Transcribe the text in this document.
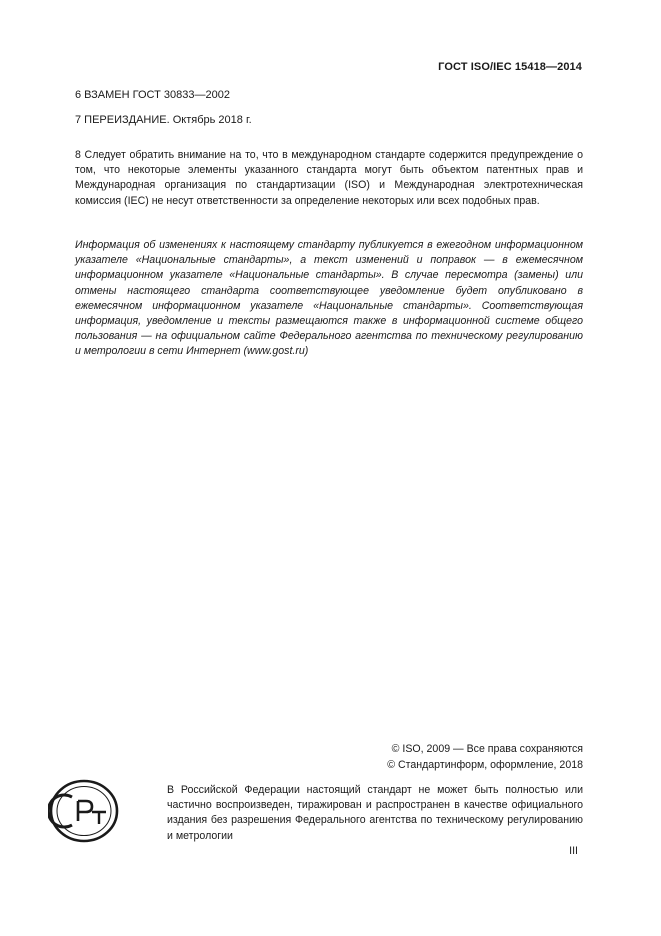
ГОСТ ISO/IEC 15418—2014
6 ВЗАМЕН ГОСТ 30833—2002
7 ПЕРЕИЗДАНИЕ. Октябрь 2018 г.
8 Следует обратить внимание на то, что в международном стандарте содержится предупреждение о том, что некоторые элементы указанного стандарта могут быть объектом патентных прав и Международная организация по стандартизации (ISO) и Международная электротехническая комиссия (IEC) не несут ответственности за определение некоторых или всех подобных прав.
Информация об изменениях к настоящему стандарту публикуется в ежегодном информационном указателе «Национальные стандарты», а текст изменений и поправок — в ежемесячном информационном указателе «Национальные стандарты». В случае пересмотра (замены) или отмены настоящего стандарта соответствующее уведомление будет опубликовано в ежемесячном информационном указателе «Национальные стандарты». Соответствующая информация, уведомление и тексты размещаются также в информационной системе общего пользования — на официальном сайте Федерального агентства по техническому регулированию и метрологии в сети Интернет (www.gost.ru)
© ISO, 2009 — Все права сохраняются
© Стандартинформ, оформление, 2018
В Российской Федерации настоящий стандарт не может быть полностью или частично воспроизведен, тиражирован и распространен в качестве официального издания без разрешения Федерального агентства по техническому регулированию и метрологии
III
